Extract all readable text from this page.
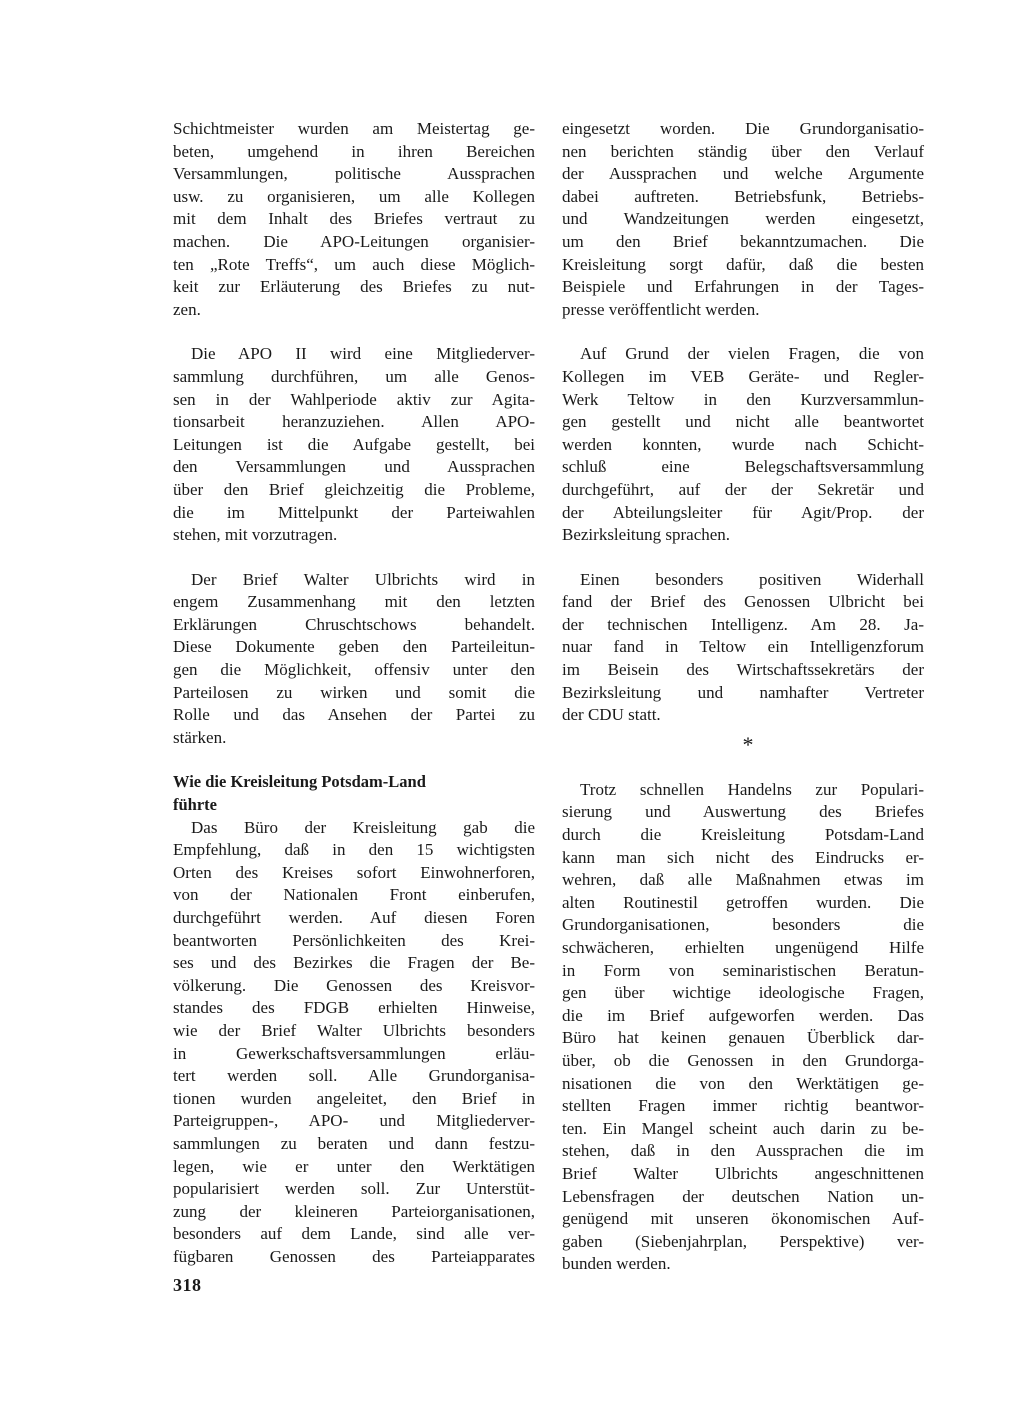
Schichtmeister wurden am Meistertag ge-
beten, umgehend in ihren Bereichen
Versammlungen, politische Aussprachen
usw. zu organisieren, um alle Kollegen
mit dem Inhalt des Briefes vertraut zu
machen. Die APO-Leitungen organisier-
ten „Rote Treffs“, um auch diese Möglich-
keit zur Erläuterung des Briefes zu nut-
zen.
Die APO II wird eine Mitgliederver-
sammlung durchführen, um alle Genos-
sen in der Wahlperiode aktiv zur Agita-
tionsarbeit heranzuziehen. Allen APO-
Leitungen ist die Aufgabe gestellt, bei
den Versammlungen und Aussprachen
über den Brief gleichzeitig die Probleme,
die im Mittelpunkt der Parteiwahlen
stehen, mit vorzutragen.
Der Brief Walter Ulbrichts wird in
engem Zusammenhang mit den letzten
Erklärungen Chruschtschows behandelt.
Diese Dokumente geben den Parteileitun-
gen die Möglichkeit, offensiv unter den
Parteilosen zu wirken und somit die
Rolle und das Ansehen der Partei zu
stärken.
Wie die Kreisleitung Potsdam-Land
führte
Das Büro der Kreisleitung gab die
Empfehlung, daß in den 15 wichtigsten
Orten des Kreises sofort Einwohnerforen,
von der Nationalen Front einberufen,
durchgeführt werden. Auf diesen Foren
beantworten Persönlichkeiten des Krei-
ses und des Bezirkes die Fragen der Be-
völkerung. Die Genossen des Kreisvor-
standes des FDGB erhielten Hinweise,
wie der Brief Walter Ulbrichts besonders
in Gewerkschaftsversammlungen erläu-
tert werden soll. Alle Grundorganisa-
tionen wurden angeleitet, den Brief in
Parteigruppen-, APO- und Mitgliederver-
sammlungen zu beraten und dann festzu-
legen, wie er unter den Werktätigen
popularisiert werden soll. Zur Unterstüt-
zung der kleineren Parteiorganisationen,
besonders auf dem Lande, sind alle ver-
fügbaren Genossen des Parteiapparates
eingesetzt worden. Die Grundorganisatio-
nen berichten ständig über den Verlauf
der Aussprachen und welche Argumente
dabei auftreten. Betriebsfunk, Betriebs-
und Wandzeitungen werden eingesetzt,
um den Brief bekanntzumachen. Die
Kreisleitung sorgt dafür, daß die besten
Beispiele und Erfahrungen in der Tages-
presse veröffentlicht werden.
Auf Grund der vielen Fragen, die von
Kollegen im VEB Geräte- und Regler-
Werk Teltow in den Kurzversammlun-
gen gestellt und nicht alle beantwortet
werden konnten, wurde nach Schicht-
schluß eine Belegschaftsversammlung
durchgeführt, auf der der Sekretär und
der Abteilungsleiter für Agit/Prop. der
Bezirksleitung sprachen.
Einen besonders positiven Widerhall
fand der Brief des Genossen Ulbricht bei
der technischen Intelligenz. Am 28. Ja-
nuar fand in Teltow ein Intelligenzforum
im Beisein des Wirtschaftssekretärs der
Bezirksleitung und namhafter Vertreter
der CDU statt.
*
Trotz schnellen Handelns zur Populari-
sierung und Auswertung des Briefes
durch die Kreisleitung Potsdam-Land
kann man sich nicht des Eindrucks er-
wehren, daß alle Maßnahmen etwas im
alten Routinestil getroffen wurden. Die
Grundorganisationen, besonders die
schwächeren, erhielten ungenügend Hilfe
in Form von seminaristischen Beratun-
gen über wichtige ideologische Fragen,
die im Brief aufgeworfen werden. Das
Büro hat keinen genauen Überblick dar-
über, ob die Genossen in den Grundorga-
nisationen die von den Werktätigen ge-
stellten Fragen immer richtig beantwor-
ten. Ein Mangel scheint auch darin zu be-
stehen, daß in den Aussprachen die im
Brief Walter Ulbrichts angeschnittenen
Lebensfragen der deutschen Nation un-
genügend mit unseren ökonomischen Auf-
gaben (Siebenjahrplan, Perspektive) ver-
bunden werden.
318
